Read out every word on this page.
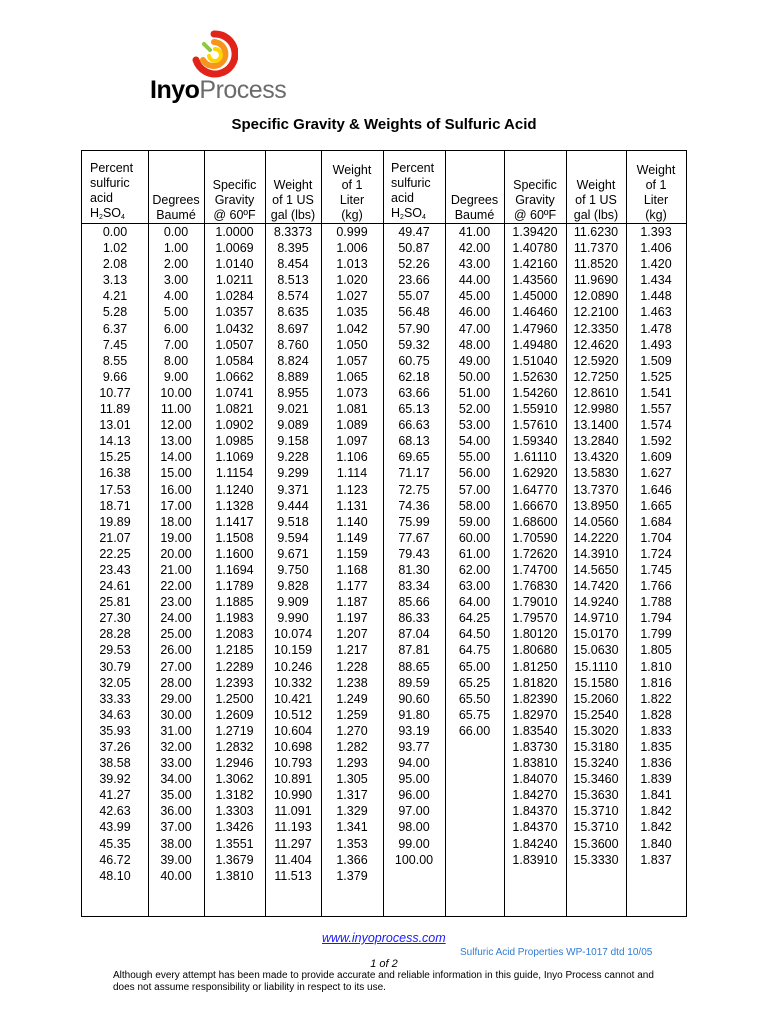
InyoProcess
Specific Gravity & Weights of Sulfuric Acid
Percent
sulfuric
acid
$H_2SO_4$
0.00
1.02
2.08
3.13
4.21
5.28
6.37
7.45
8.55
9.66
10.77
11.89
13.01
14.13
15.25
16.38
17.53
18.71
19.89
21.07
22.25
23.43
24.61
25.81
27.30
28.28
29.53
30.79
32.05
33.33
34.63
35.93
37.26
38.58
39.92
41.27
42.63
43.99
45.35
46.72
48.10
Degrees
Baumé
0.00
1.00
2.00
3.00
4.00
5.00
6.00
7.00
8.00
9.00
10.00
11.00
12.00
13.00
14.00
15.00
16.00
17.00
18.00
19.00
20.00
21.00
22.00
23.00
24.00
25.00
26.00
27.00
28.00
29.00
30.00
31.00
32.00
33.00
34.00
35.00
36.00
37.00
38.00
39.00
40.00
Specific
Gravity
@ 60ºF
1.0000
1.0069
1.0140
1.0211
1.0284
1.0357
1.0432
1.0507
1.0584
1.0662
1.0741
1.0821
1.0902
1.0985
1.1069
1.1154
1.1240
1.1328
1.1417
1.1508
1.1600
1.1694
1.1789
1.1885
1.1983
1.2083
1.2185
1.2289
1.2393
1.2500
1.2609
1.2719
1.2832
1.2946
1.3062
1.3182
1.3303
1.3426
1.3551
1.3679
1.3810
Weight
of 1 US
gal (lbs)
8.3373
8.395
8.454
8.513
8.574
8.635
8.697
8.760
8.824
8.889
8.955
9.021
9.089
9.158
9.228
9.299
9.371
9.444
9.518
9.594
9.671
9.750
9.828
9.909
9.990
10.074
10.159
10.246
10.332
10.421
10.512
10.604
10.698
10.793
10.891
10.990
11.091
11.193
11.297
11.404
11.513
Weight
of 1
Liter
(kg)
0.999
1.006
1.013
1.020
1.027
1.035
1.042
1.050
1.057
1.065
1.073
1.081
1.089
1.097
1.106
1.114
1.123
1.131
1.140
1.149
1.159
1.168
1.177
1.187
1.197
1.207
1.217
1.228
1.238
1.249
1.259
1.270
1.282
1.293
1.305
1.317
1.329
1.341
1.353
1.366
1.379
Percent
sulfuric
acid
$H_2SO_4$
49.47
50.87
52.26
23.66
55.07
56.48
57.90
59.32
60.75
62.18
63.66
65.13
66.63
68.13
69.65
71.17
72.75
74.36
75.99
77.67
79.43
81.30
83.34
85.66
86.33
87.04
87.81
88.65
89.59
90.60
91.80
93.19
93.77
94.00
95.00
96.00
97.00
98.00
99.00
100.00
Degrees
Baumé
41.00
42.00
43.00
44.00
45.00
46.00
47.00
48.00
49.00
50.00
51.00
52.00
53.00
54.00
55.00
56.00
57.00
58.00
59.00
60.00
61.00
62.00
63.00
64.00
64.25
64.50
64.75
65.00
65.25
65.50
65.75
66.00
Specific
Gravity
@ 60ºF
1.39420
1.40780
1.42160
1.43560
1.45000
1.46460
1.47960
1.49480
1.51040
1.52630
1.54260
1.55910
1.57610
1.59340
1.61110
1.62920
1.64770
1.66670
1.68600
1.70590
1.72620
1.74700
1.76830
1.79010
1.79570
1.80120
1.80680
1.81250
1.81820
1.82390
1.82970
1.83540
1.83730
1.83810
1.84070
1.84270
1.84370
1.84370
1.84240
1.83910
Weight
of 1 US
gal (lbs)
11.6230
11.7370
11.8520
11.9690
12.0890
12.2100
12.3350
12.4620
12.5920
12.7250
12.8610
12.9980
13.1400
13.2840
13.4320
13.5830
13.7370
13.8950
14.0560
14.2220
14.3910
14.5650
14.7420
14.9240
14.9710
15.0170
15.0630
15.1110
15.1580
15.2060
15.2540
15.3020
15.3180
15.3240
15.3460
15.3630
15.3710
15.3710
15.3600
15.3330
Weight
of 1
Liter
(kg)
1.393
1.406
1.420
1.434
1.448
1.463
1.478
1.493
1.509
1.525
1.541
1.557
1.574
1.592
1.609
1.627
1.646
1.665
1.684
1.704
1.724
1.745
1.766
1.788
1.794
1.799
1.805
1.810
1.816
1.822
1.828
1.833
1.835
1.836
1.839
1.841
1.842
1.842
1.840
1.837
www.inyoprocess.com
Sulfuric Acid Properties WP-1017 dtd 10/05
1 of 2
Although every attempt has been made to provide accurate and reliable information in this guide, Inyo Process cannot and does not assume responsibility or liability in respect to its use.
